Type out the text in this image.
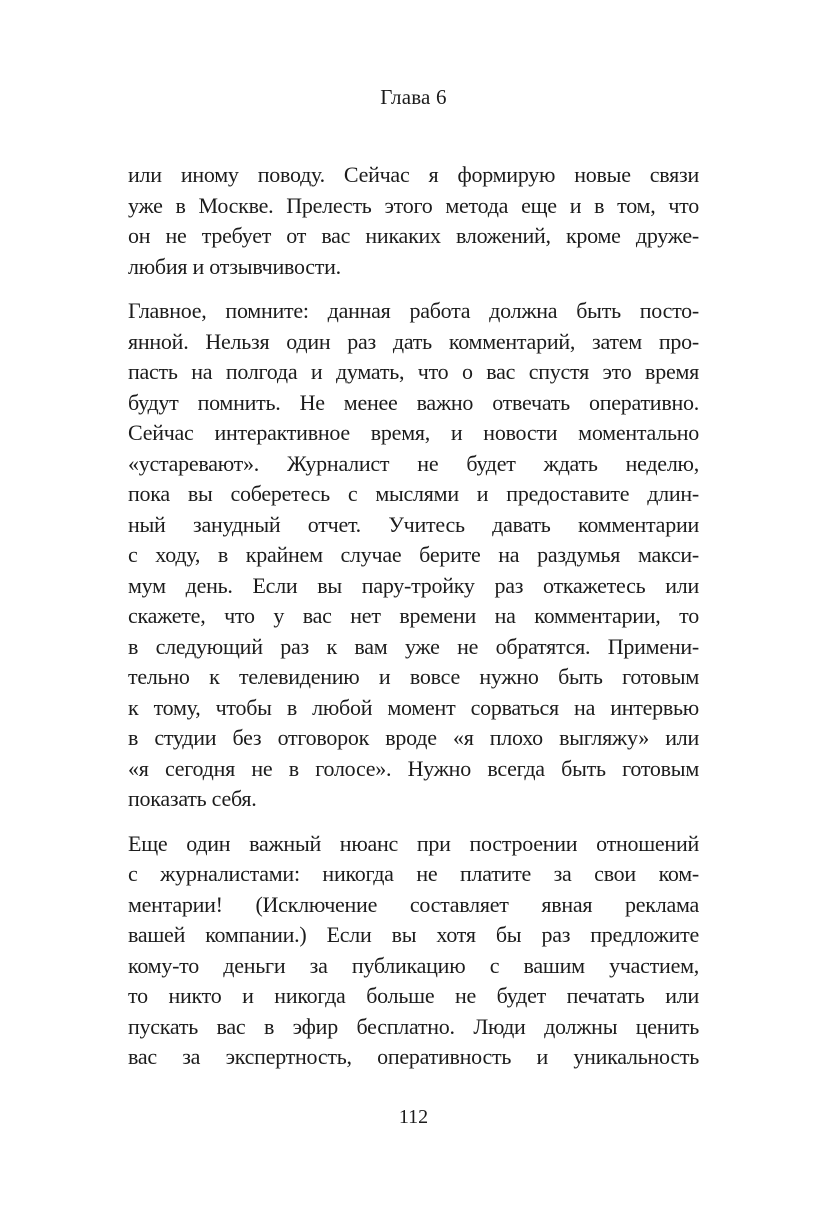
Глава 6
или иному поводу. Сейчас я формирую новые связи
уже в Москве. Прелесть этого метода еще и в том, что
он не требует от вас никаких вложений, кроме друже-
любия и отзывчивости.
Главное, помните: данная работа должна быть посто-
янной. Нельзя один раз дать комментарий, затем про-
пасть на полгода и думать, что о вас спустя это время
будут помнить. Не менее важно отвечать оперативно.
Сейчас интерактивное время, и новости моментально
«устаревают». Журналист не будет ждать неделю,
пока вы соберетесь с мыслями и предоставите длин-
ный занудный отчет. Учитесь давать комментарии
с ходу, в крайнем случае берите на раздумья макси-
мум день. Если вы пару-тройку раз откажетесь или
скажете, что у вас нет времени на комментарии, то
в следующий раз к вам уже не обратятся. Примени-
тельно к телевидению и вовсе нужно быть готовым
к тому, чтобы в любой момент сорваться на интервью
в студии без отговорок вроде «я плохо выгляжу» или
«я сегодня не в голосе». Нужно всегда быть готовым
показать себя.
Еще один важный нюанс при построении отношений
с журналистами: никогда не платите за свои ком-
ментарии! (Исключение составляет явная реклама
вашей компании.) Если вы хотя бы раз предложите
кому-то деньги за публикацию с вашим участием,
то никто и никогда больше не будет печатать или
пускать вас в эфир бесплатно. Люди должны ценить
вас за экспертность, оперативность и уникальность
112
